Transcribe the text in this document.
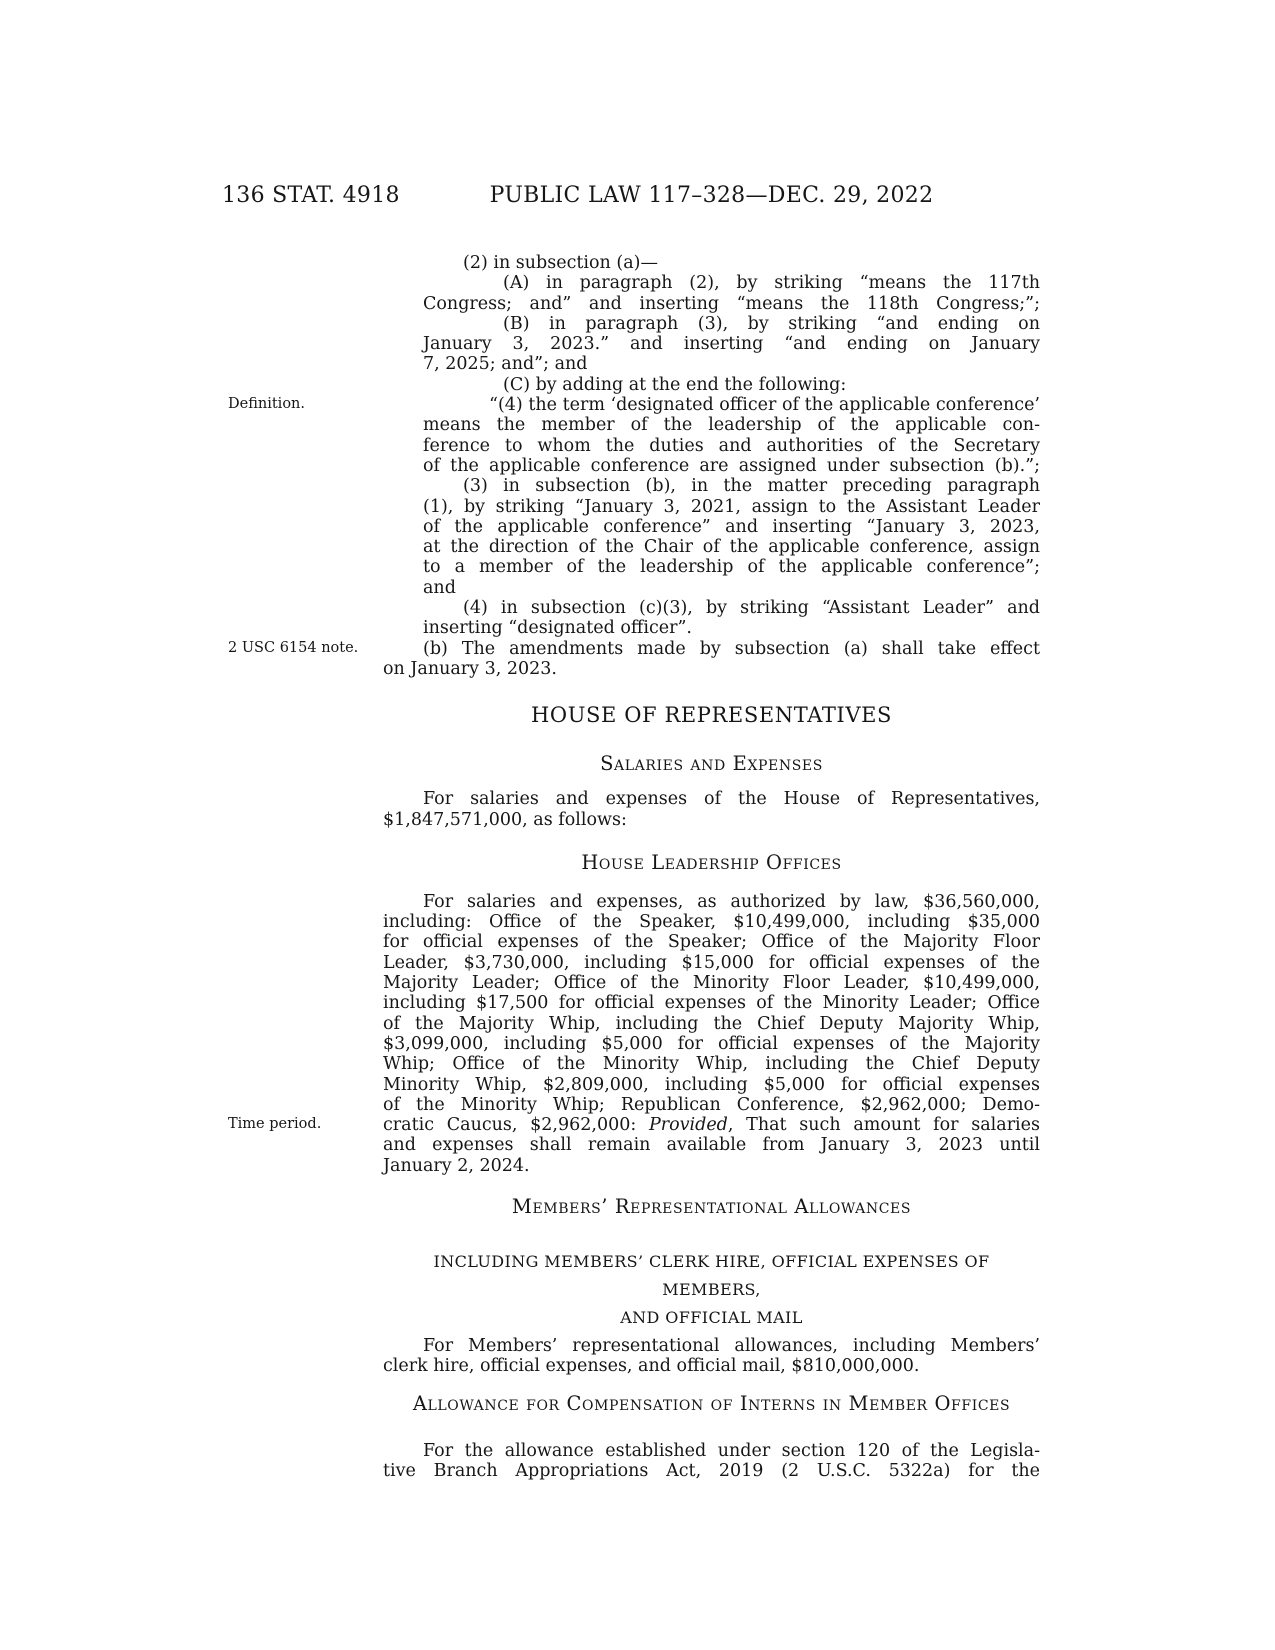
136 STAT. 4918	PUBLIC LAW 117–328—DEC. 29, 2022
Definition.
2 USC 6154 note.
Time period.
(2) in subsection (a)—
(A) in paragraph (2), by striking “means the 117th
Congress; and” and inserting “means the 118th Congress;”;
(B) in paragraph (3), by striking “and ending on
January 3, 2023.” and inserting “and ending on January
7, 2025; and”; and
(C) by adding at the end the following:
“(4) the term ‘designated officer of the applicable conference’
means the member of the leadership of the applicable con-
ference to whom the duties and authorities of the Secretary
of the applicable conference are assigned under subsection (b).”;
(3) in subsection (b), in the matter preceding paragraph
(1), by striking “January 3, 2021, assign to the Assistant Leader
of the applicable conference” and inserting “January 3, 2023,
at the direction of the Chair of the applicable conference, assign
to a member of the leadership of the applicable conference”;
and
(4) in subsection (c)(3), by striking “Assistant Leader” and
inserting “designated officer”.
(b) The amendments made by subsection (a) shall take effect
on January 3, 2023.
HOUSE OF REPRESENTATIVES
Salaries and Expenses
For salaries and expenses of the House of Representatives,
$1,847,571,000, as follows:
House Leadership Offices
For salaries and expenses, as authorized by law, $36,560,000,
including: Office of the Speaker, $10,499,000, including $35,000
for official expenses of the Speaker; Office of the Majority Floor
Leader, $3,730,000, including $15,000 for official expenses of the
Majority Leader; Office of the Minority Floor Leader, $10,499,000,
including $17,500 for official expenses of the Minority Leader; Office
of the Majority Whip, including the Chief Deputy Majority Whip,
$3,099,000, including $5,000 for official expenses of the Majority
Whip; Office of the Minority Whip, including the Chief Deputy
Minority Whip, $2,809,000, including $5,000 for official expenses
of the Minority Whip; Republican Conference, $2,962,000; Demo-
cratic Caucus, $2,962,000: Provided, That such amount for salaries
and expenses shall remain available from January 3, 2023 until
January 2, 2024.
Members’ Representational Allowances
INCLUDING MEMBERS’ CLERK HIRE, OFFICIAL EXPENSES OF MEMBERS,
AND OFFICIAL MAIL
For Members’ representational allowances, including Members’
clerk hire, official expenses, and official mail, $810,000,000.
Allowance for Compensation of Interns in Member Offices
For the allowance established under section 120 of the Legisla-
tive Branch Appropriations Act, 2019 (2 U.S.C. 5322a) for the
